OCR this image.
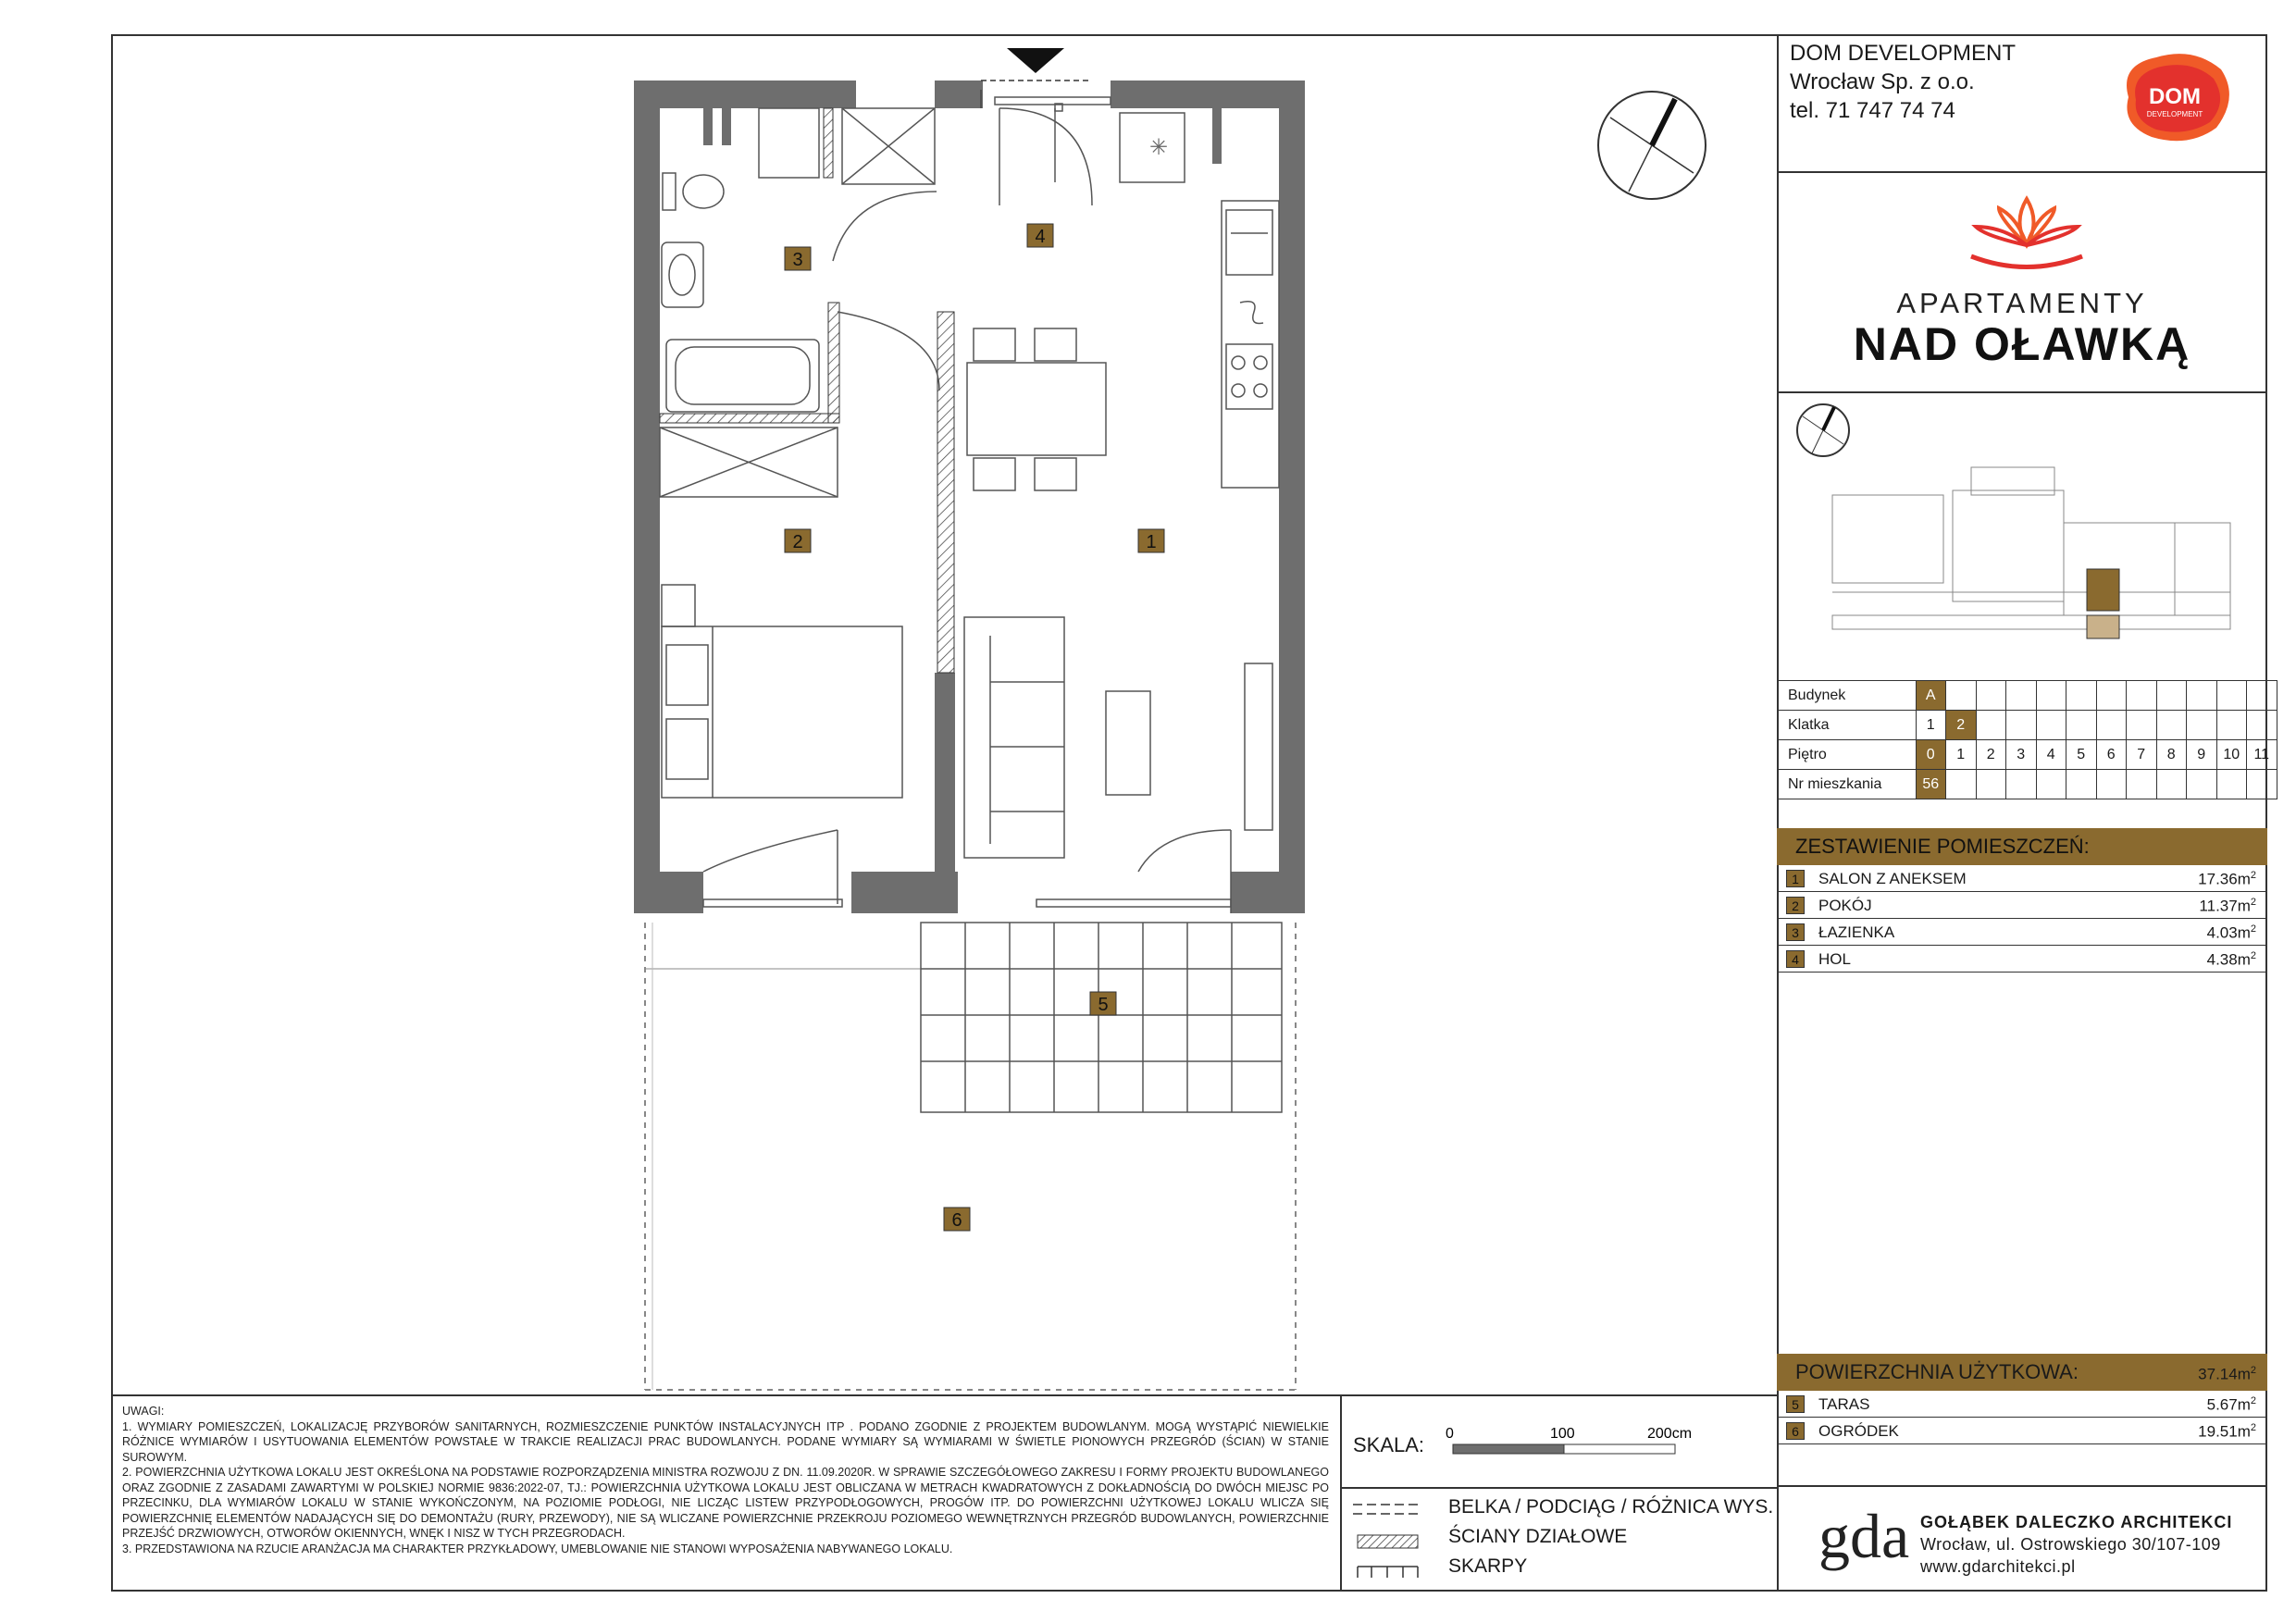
✳
1
2
3
4
5
6
DOM DEVELOPMENT
Wrocław Sp. z o.o.
tel. 71 747 74 74
DOM
DEVELOPMENT
APARTAMENTY
NAD OŁAWKĄ
Budynek	A											
Klatka	1	2										
Piętro	0	1	2	3	4	5	6	7	8	9	10	11
Nr mieszkania	56											
ZESTAWIENIE POMIESZCZEŃ:
1	SALON Z ANEKSEM	$17.36m^2$
2	POKÓJ	$11.37m^2$
3	ŁAZIENKA	$4.03m^2$
4	HOL	$4.38m^2$
POWIERZCHNIA UŻYTKOWA:	$37.14m^2$
5	TARAS	$5.67m^2$
6	OGRÓDEK	$19.51m^2$
UWAGI:
1. WYMIARY POMIESZCZEŃ, LOKALIZACJĘ PRZYBORÓW SANITARNYCH, ROZMIESZCZENIE PUNKTÓW INSTALACYJNYCH ITP . PODANO ZGODNIE Z PROJEKTEM BUDOWLANYM. MOGĄ WYSTĄPIĆ NIEWIELKIE RÓŻNICE WYMIARÓW I USYTUOWANIA ELEMENTÓW POWSTAŁE W TRAKCIE REALIZACJI PRAC BUDOWLANYCH. PODANE WYMIARY SĄ WYMIARAMI W ŚWIETLE PIONOWYCH PRZEGRÓD (ŚCIAN) W STANIE SUROWYM.
2. POWIERZCHNIA UŻYTKOWA LOKALU JEST OKREŚLONA NA PODSTAWIE ROZPORZĄDZENIA MINISTRA ROZWOJU Z DN. 11.09.2020R. W SPRAWIE SZCZEGÓŁOWEGO ZAKRESU I FORMY PROJEKTU BUDOWLANEGO ORAZ ZGODNIE Z ZASADAMI ZAWARTYMI W POLSKIEJ NORMIE 9836:2022-07, TJ.: POWIERZCHNIA UŻYTKOWA LOKALU JEST OBLICZANA W METRACH KWADRATOWYCH Z DOKŁADNOŚCIĄ DO DWÓCH MIEJSC PO PRZECINKU, DLA WYMIARÓW LOKALU W STANIE WYKOŃCZONYM, NA POZIOMIE PODŁOGI, NIE LICZĄC LISTEW PRZYPODŁOGOWYCH, PROGÓW ITP. DO POWIERZCHNI UŻYTKOWEJ LOKALU WLICZA SIĘ POWIERZCHNIĘ ELEMENTÓW NADAJĄCYCH SIĘ DO DEMONTAŻU (RURY, PRZEWODY), NIE SĄ WLICZANE POWIERZCHNIE PRZEKROJU POZIOMEGO WEWNĘTRZNYCH PRZEGRÓD BUDOWLANYCH, POWIERZCHNIE PRZEJŚĆ DRZWIOWYCH, OTWORÓW OKIENNYCH, WNĘK I NISZ W TYCH PRZEGRODACH.
3. PRZEDSTAWIONA NA RZUCIE ARANŻACJA MA CHARAKTER PRZYKŁADOWY, UMEBLOWANIE NIE STANOWI WYPOSAŻENIA NABYWANEGO LOKALU.
SKALA: 0	100	200cm
BELKA / PODCIĄG / RÓŻNICA WYS.
ŚCIANY DZIAŁOWE
SKARPY	gda GOŁĄBEK DALECZKO ARCHITEKCI
Wrocław, ul. Ostrowskiego 30/107-109
www.gdarchitekci.pl
